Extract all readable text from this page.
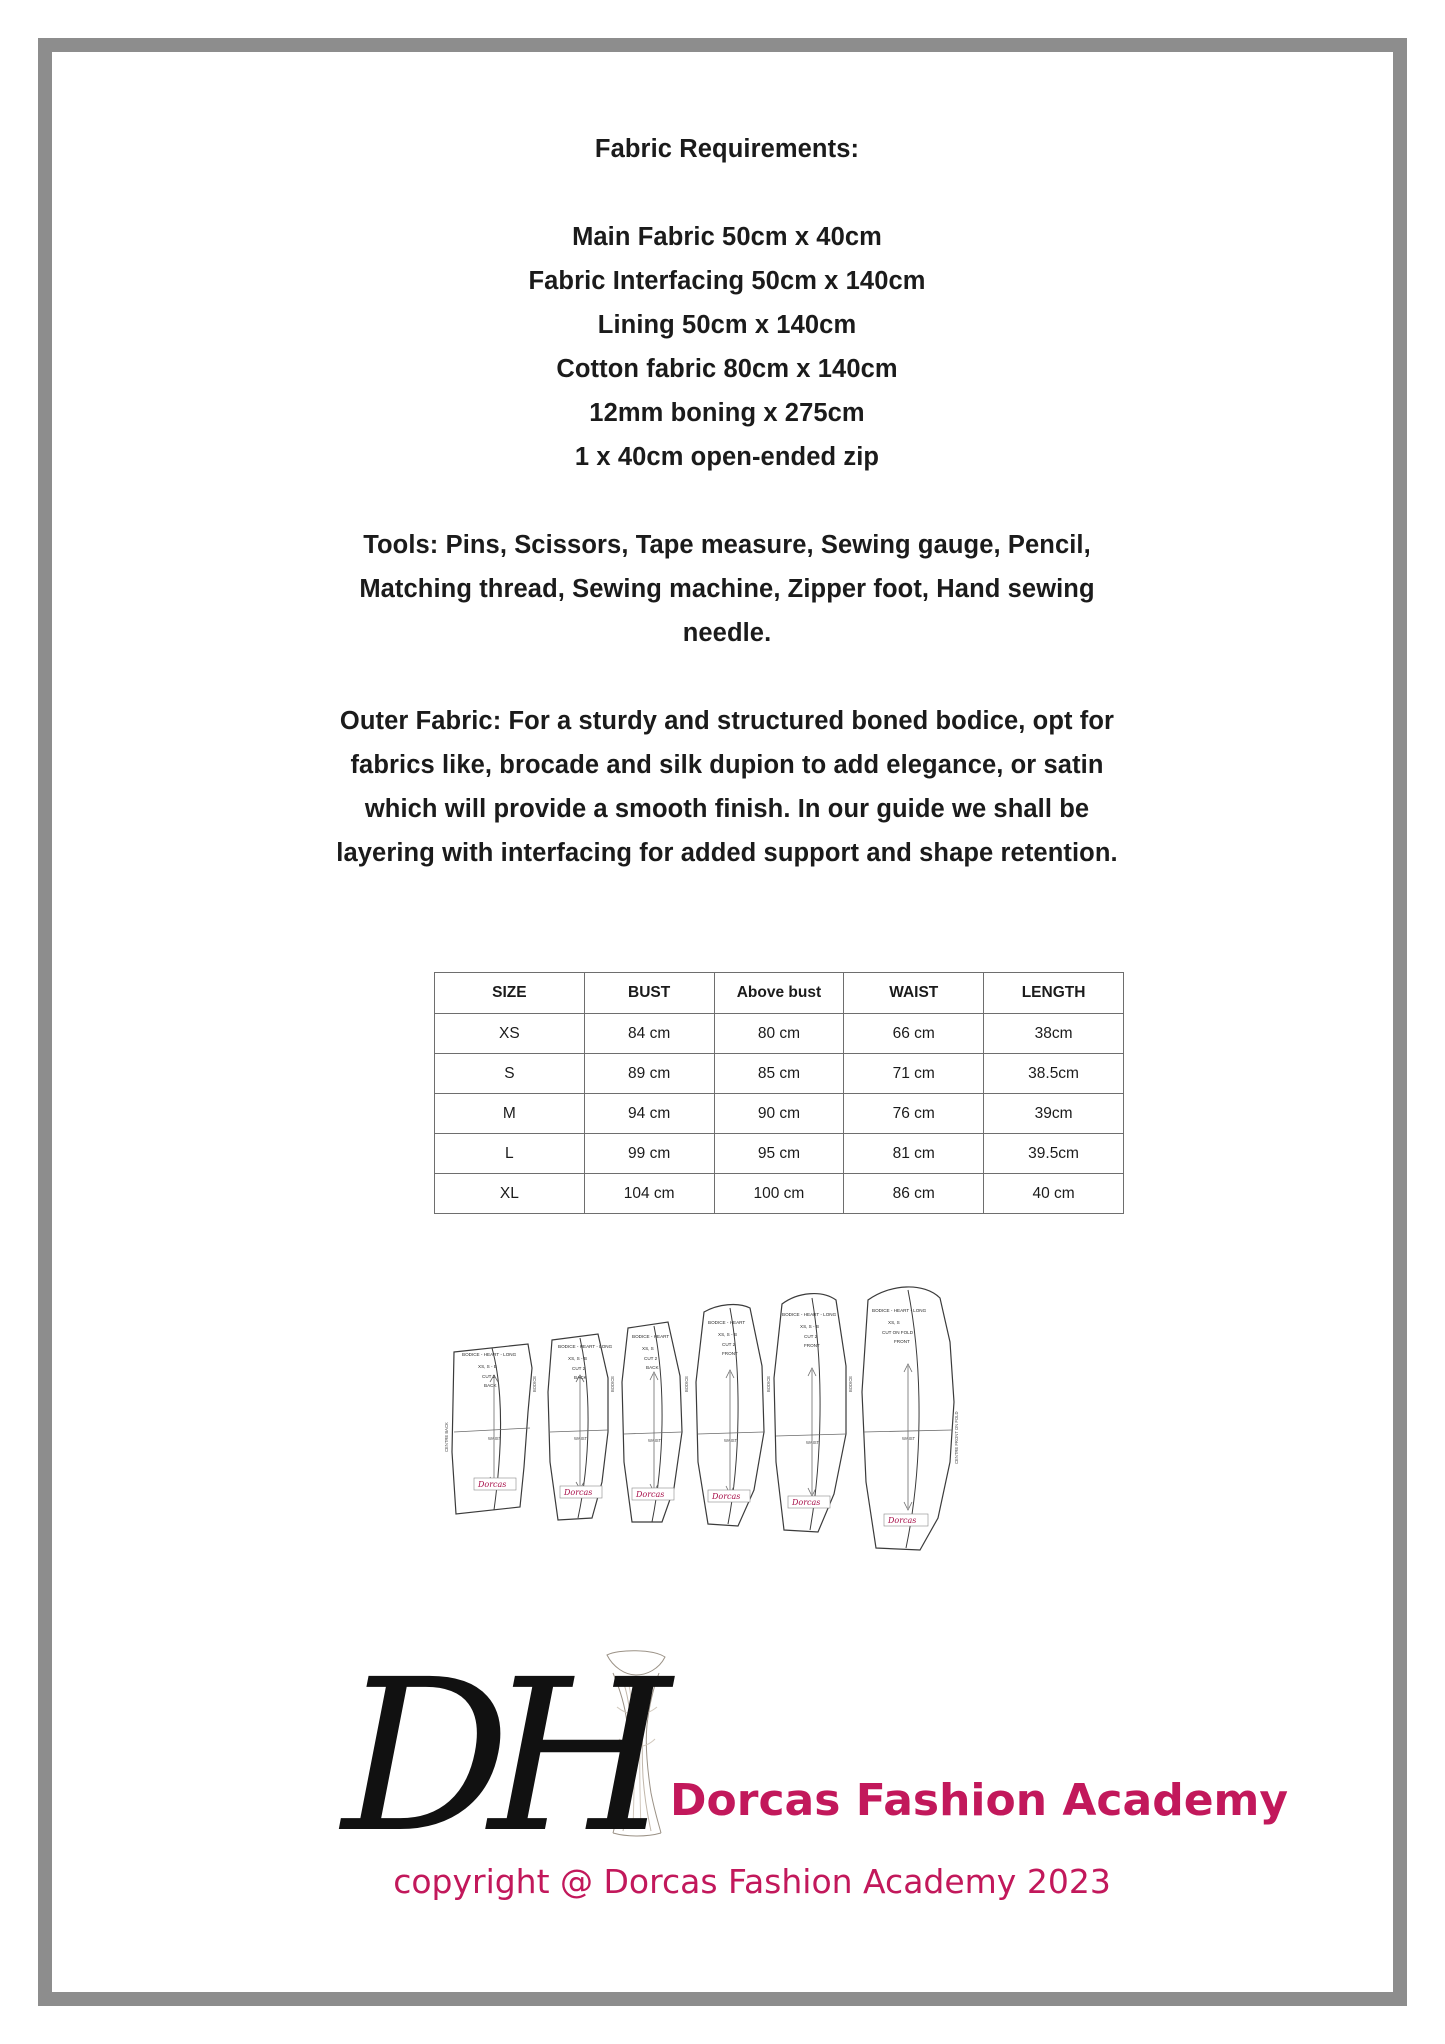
Fabric Requirements:

Main Fabric 50cm x 40cm

Fabric Interfacing 50cm x 140cm

Lining 50cm x 140cm

Cotton fabric 80cm x 140cm

12mm boning x 275cm

1 x 40cm open-ended zip

Tools: Pins, Scissors, Tape measure, Sewing gauge, Pencil, Matching thread, Sewing machine, Zipper foot, Hand sewing needle.

Outer Fabric: For a sturdy and structured boned bodice, opt for fabrics like, brocade and silk dupion to add elegance, or satin which will provide a smooth finish. In our guide we shall be layering with interfacing for added support and shape retention.

SIZE	BUST	Above bust	WAIST	LENGTH
XS	84 cm	80 cm	66 cm	38cm
S	89 cm	85 cm	71 cm	38.5cm
M	94 cm	90 cm	76 cm	39cm
L	99 cm	95 cm	81 cm	39.5cm
XL	104 cm	100 cm	86 cm	40 cm
BODICE - HEART - LONG
XS, S - B
CUT 2
BACK
BODICE - HEART - LONG
XS, S - B
CUT 2
BACK
BODICE - HEART
XS, S
CUT 2
BACK
BODICE - HEART
XS, S - B
CUT 2
FRONT
BODICE - HEART - LONG
XS, S - B
CUT 2
FRONT
BODICE - HEART - LONG
XS, S
CUT ON FOLD
FRONT
CENTRE BACK	WAIST	WAIST	WAIST	WAIST	WAIST
WAIST	CENTRE FRONT ON FOLD
BODICE	BODICE	BODICE	BODICE	BODICE
Dorcas
Dorcas	Dorcas	Dorcas
Dorcas
Dorcas
DH Dorcas Fashion Academy
copyright @ Dorcas Fashion Academy 2023
